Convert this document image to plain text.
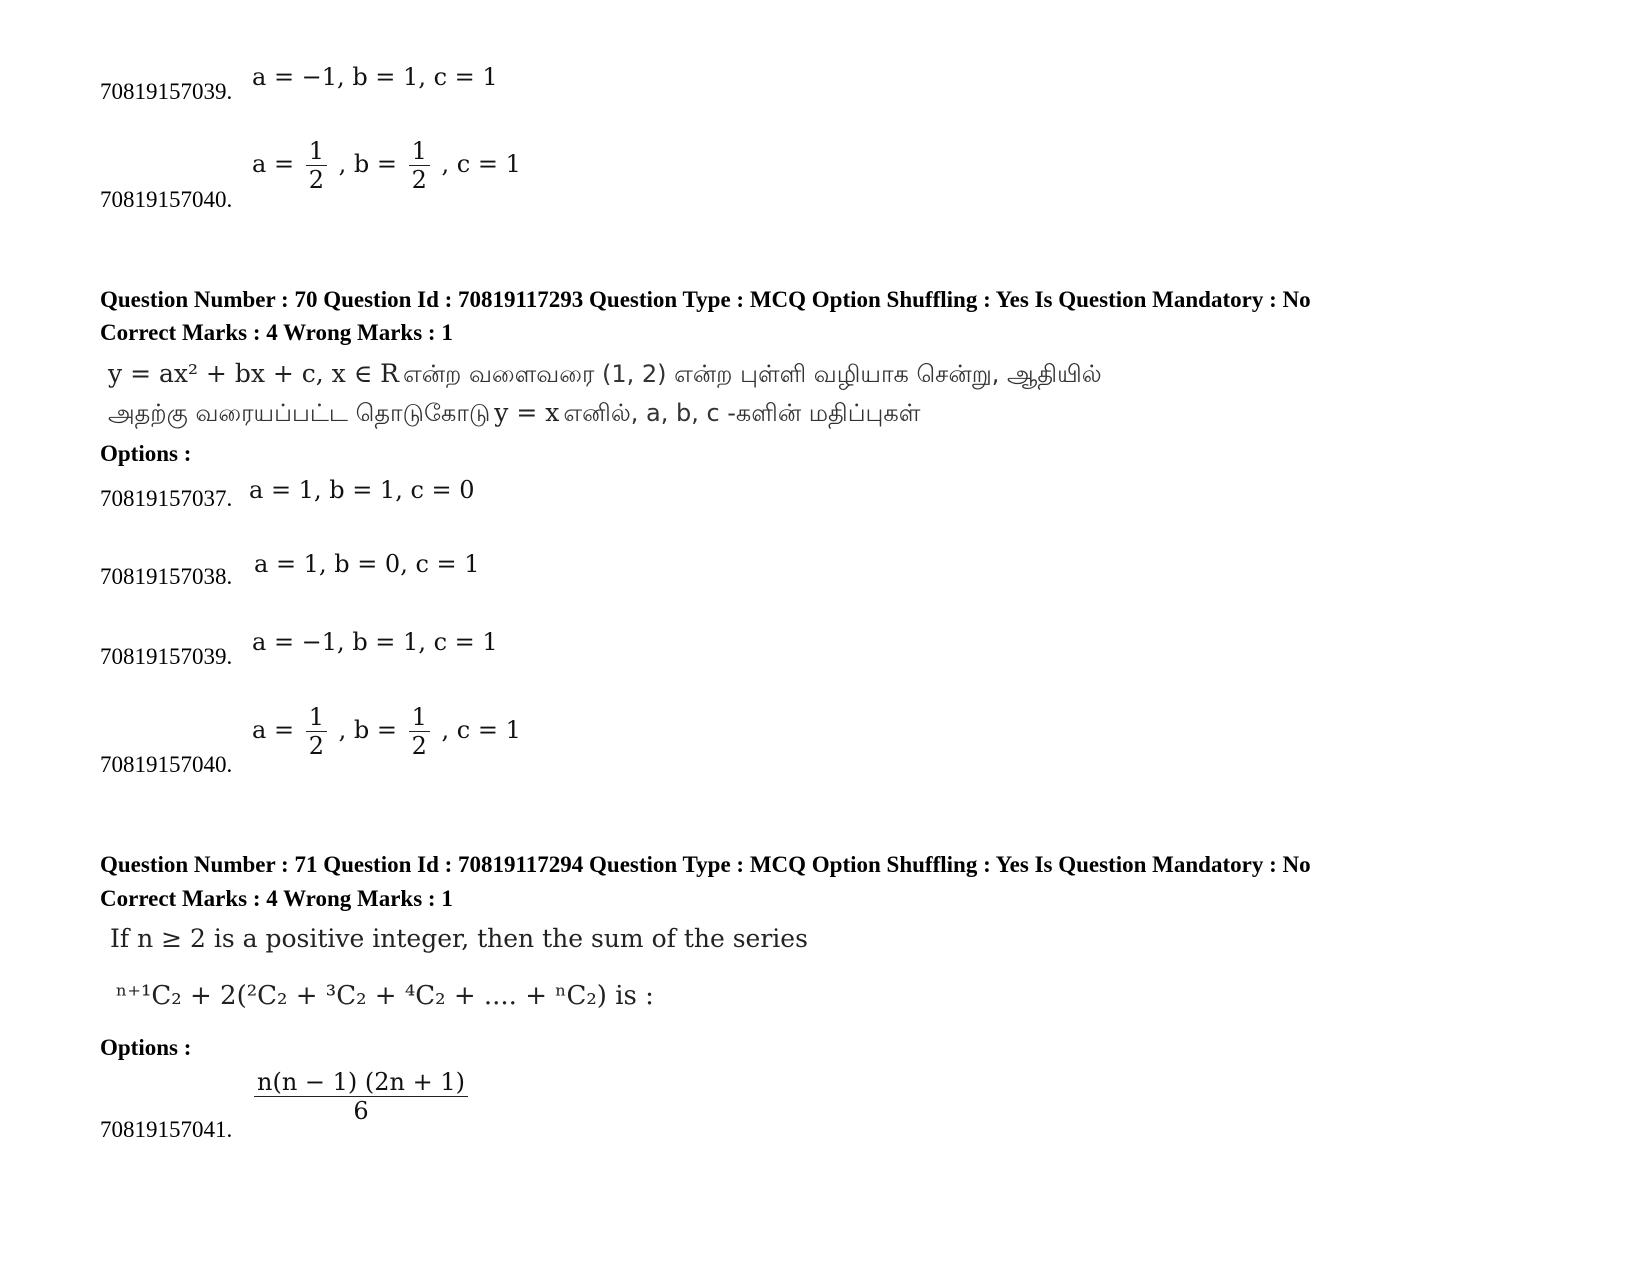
70819157039.
a = −1, b = 1, c = 1
70819157040.
$a = \frac{1}{2}$ , $b = \frac{1}{2}$ , c = 1
Question Number : 70 Question Id : 70819117293 Question Type : MCQ Option Shuffling : Yes Is Question Mandatory : No
Correct Marks : 4 Wrong Marks : 1
y = ax² + bx + c, x ∈ R என்ற வளைவரை (1, 2) என்ற புள்ளி வழியாக சென்று, ஆதியில்
அதற்கு வரையப்பட்ட தொடுகோடு y = x எனில், a, b, c -களின் மதிப்புகள்
Options :
70819157037. a = 1, b = 1, c = 0
70819157038. a = 1, b = 0, c = 1
70819157039.
a = −1, b = 1, c = 1
70819157040.
$a = \frac{1}{2}$ , $b = \frac{1}{2}$ , c = 1
Question Number : 71 Question Id : 70819117294 Question Type : MCQ Option Shuffling : Yes Is Question Mandatory : No
Correct Marks : 4 Wrong Marks : 1
If n ≥ 2 is a positive integer, then the sum of the series
ⁿ⁺¹C₂ + 2(²C₂ + ³C₂ + ⁴C₂ + .... + ⁿC₂) is :
Options :
70819157041.
$\frac{n(n - 1) (2n + 1)}{6}$
